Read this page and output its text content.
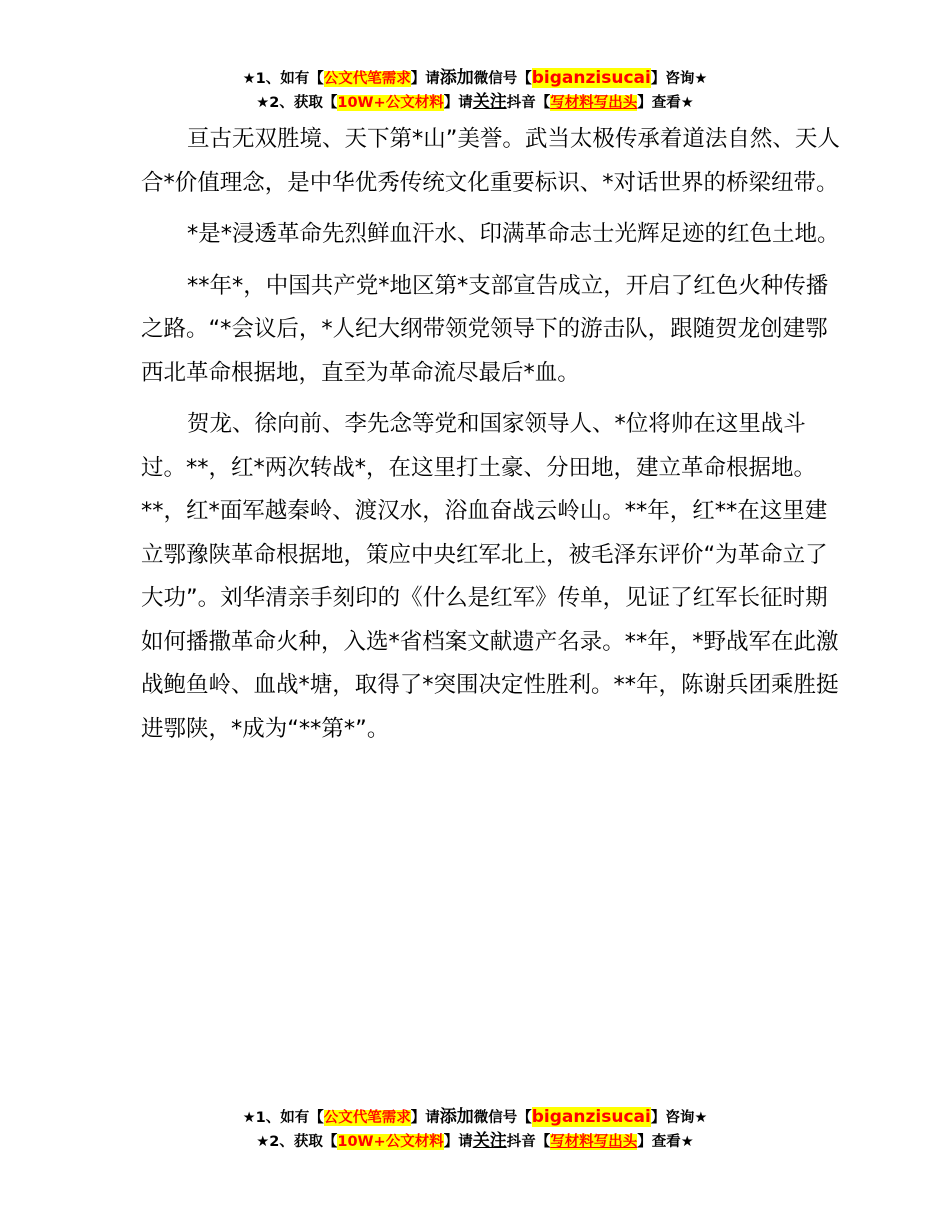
★1、如有【公文代笔需求】请添加微信号【biganzisucai】咨询★
★2、获取【10W+公文材料】请关注抖音【写材料写出头】查看★

亘古无双胜境、天下第*山”美誉。武当太极传承着道法自然、天人合*价值理念，是中华优秀传统文化重要标识、*对话世界的桥梁纽带。

*是*浸透革命先烈鲜血汗水、印满革命志士光辉足迹的红色土地。

**年*，中国共产党*地区第*支部宣告成立，开启了红色火种传播之路。“*会议后，*人纪大纲带领党领导下的游击队，跟随贺龙创建鄂西北革命根据地，直至为革命流尽最后*血。

贺龙、徐向前、李先念等党和国家领导人、*位将帅在这里战斗过。**，红*两次转战*，在这里打土豪、分田地，建立革命根据地。**，红*面军越秦岭、渡汉水，浴血奋战云岭山。**年，红**在这里建立鄂豫陕革命根据地，策应中央红军北上，被毛泽东评价“为革命立了大功”。刘华清亲手刻印的《什么是红军》传单，见证了红军长征时期如何播撒革命火种，入选*省档案文献遗产名录。**年，*野战军在此激战鲍鱼岭、血战*塘，取得了*突围决定性胜利。**年，陈谢兵团乘胜挺进鄂陕，*成为“**第*”。

★1、如有【公文代笔需求】请添加微信号【biganzisucai】咨询★
★2、获取【10W+公文材料】请关注抖音【写材料写出头】查看★
